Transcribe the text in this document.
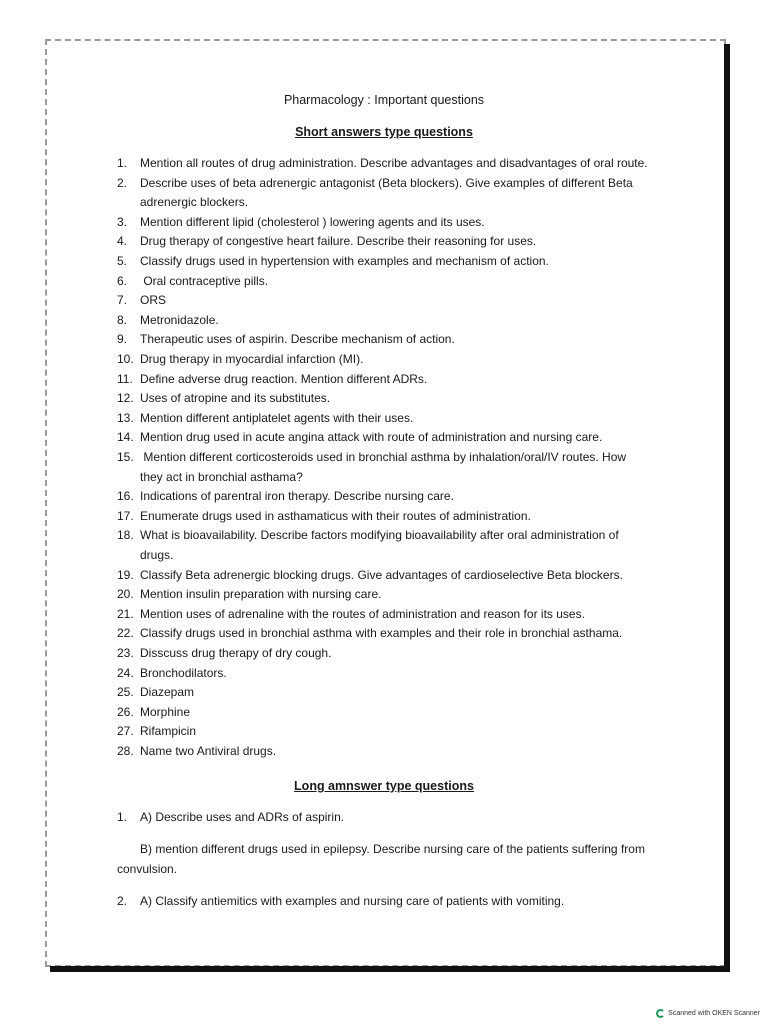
Pharmacology : Important questions
Short answers type questions
1. Mention all routes of drug administration. Describe advantages and disadvantages of oral route.
2. Describe uses of beta adrenergic antagonist (Beta blockers). Give examples of different Beta
adrenergic blockers.
3. Mention different lipid (cholesterol ) lowering agents and its uses.
4. Drug therapy of congestive heart failure. Describe their reasoning for uses.
5. Classify drugs used in hypertension with examples and mechanism of action.
6. Oral contraceptive pills.
7. ORS
8. Metronidazole.
9. Therapeutic uses of aspirin. Describe mechanism of action.
10. Drug therapy in myocardial infarction (MI).
11. Define adverse drug reaction. Mention different ADRs.
12. Uses of atropine and its substitutes.
13. Mention different antiplatelet agents with their uses.
14. Mention drug used in acute angina attack with route of administration and nursing care.
15. Mention different corticosteroids used in bronchial asthma by inhalation/oral/IV routes. How
they act in bronchial asthama?
16. Indications of parentral iron therapy. Describe nursing care.
17. Enumerate drugs used in asthamaticus with their routes of administration.
18. What is bioavailability. Describe factors modifying bioavailability after oral administration of
drugs.
19. Classify Beta adrenergic blocking drugs. Give advantages of cardioselective Beta blockers.
20. Mention insulin preparation with nursing care.
21. Mention uses of adrenaline with the routes of administration and reason for its uses.
22. Classify drugs used in bronchial asthma with examples and their role in bronchial asthama.
23. Disscuss drug therapy of dry cough.
24. Bronchodilators.
25. Diazepam
26. Morphine
27. Rifampicin
28. Name two Antiviral drugs.
Long amnswer type questions
1. A) Describe uses and ADRs of aspirin.
B) mention different drugs used in epilepsy. Describe nursing care of the patients suffering from
convulsion.
2. A) Classify antiemitics with examples and nursing care of patients with vomiting.
Scanned with OKEN Scanner
